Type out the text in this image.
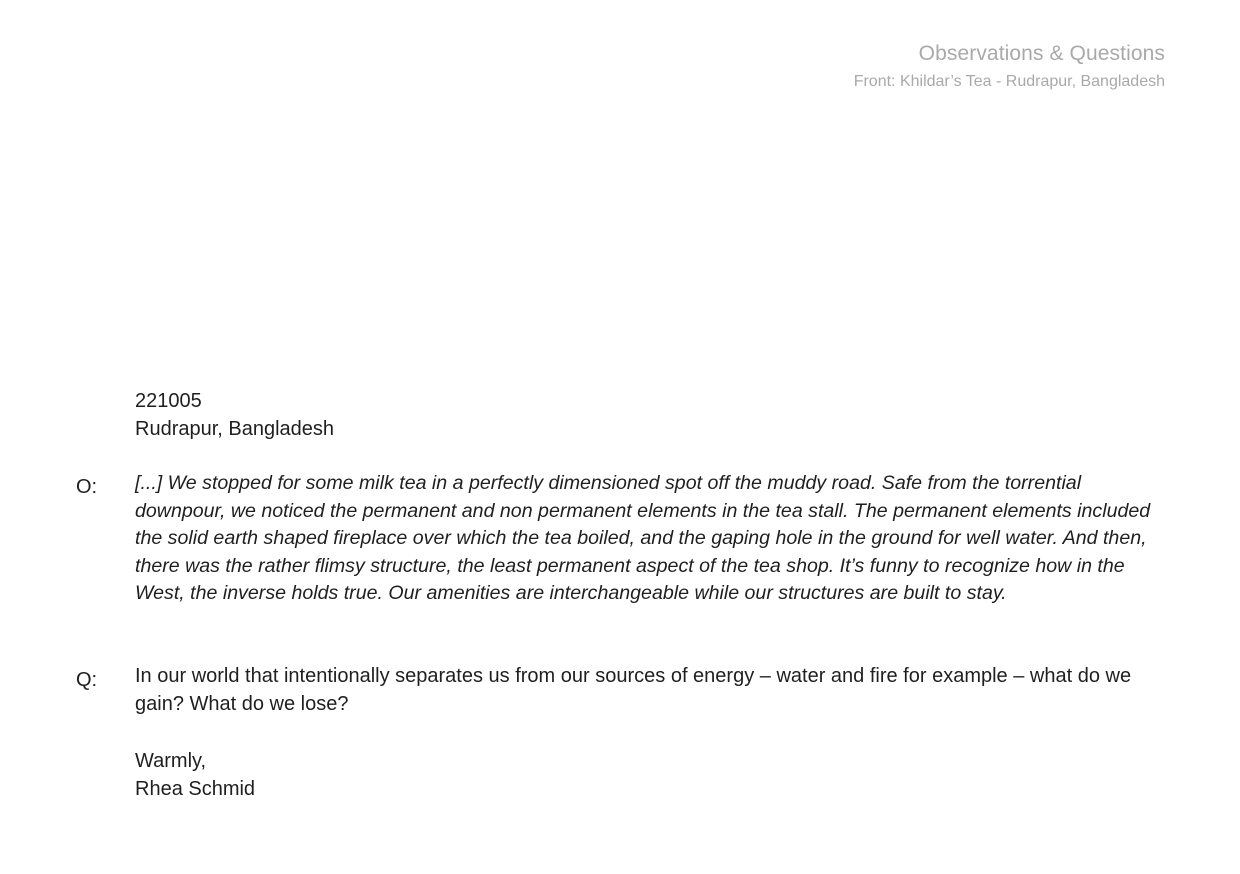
Observations & Questions
Front: Khildar’s Tea - Rudrapur, Bangladesh
221005
Rudrapur, Bangladesh
O:	[...] We stopped for some milk tea in a perfectly dimensioned spot off the muddy road. Safe from the torrential downpour, we noticed the permanent and non permanent elements in the tea stall. The permanent elements included the solid earth shaped fireplace over which the tea boiled, and the gaping hole in the ground for well water. And then, there was the rather flimsy structure, the least permanent aspect of the tea shop. It’s funny to recognize how in the West, the inverse holds true. Our amenities are interchangeable while our structures are built to stay.
Q:	In our world that intentionally separates us from our sources of energy – water and fire for example – what do we gain? What do we lose?
Warmly,
Rhea Schmid
